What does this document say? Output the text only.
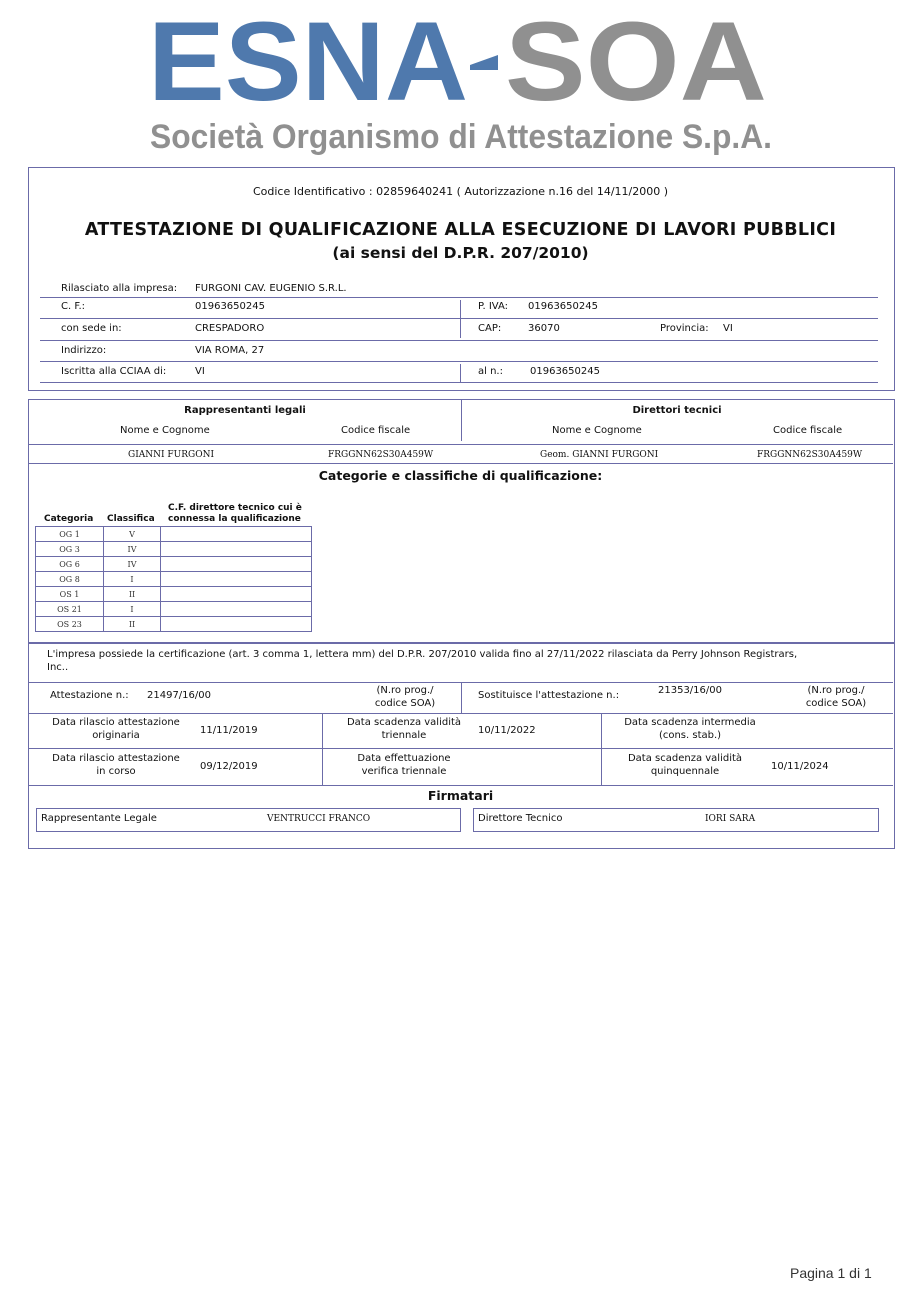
ESNA SOA
Società Organismo di Attestazione S.p.A.
Codice Identificativo : 02859640241 ( Autorizzazione n.16 del 14/11/2000 )
ATTESTAZIONE DI QUALIFICAZIONE ALLA ESECUZIONE DI LAVORI PUBBLICI
(ai sensi del D.P.R. 207/2010)
Rilasciato alla impresa: FURGONI CAV. EUGENIO S.R.L.
C. F.:	01963650245	P. IVA: 01963650245
con sede in:	CRESPADORO	CAP:	36070	Provincia: VI
Indirizzo:	VIA ROMA, 27
Iscritta alla CCIAA di:	VI	al n.:	01963650245
Rappresentanti legali
Nome e Cognome	Codice fiscale
Direttori tecnici
Nome e Cognome	Codice fiscale
GIANNI FURGONI	FRGGNN62S30A459W	Geom. GIANNI FURGONI	FRGGNN62S30A459W
Categorie e classifiche di qualificazione:
Categoria Classifica
C.F. direttore tecnico cui è
connessa la qualificazione
OG 1	V	
OG 3	IV	
OG 6	IV	
OG 8	I	
OS 1	II	
OS 21	I	
OS 23	II	
L'impresa possiede la certificazione (art. 3 comma 1, lettera mm) del D.P.R. 207/2010 valida fino al 27/11/2022 rilasciata da Perry Johnson Registrars,
Inc..
Attestazione n.: 21497/16/00	(N.ro prog./
codice SOA)
Sostituisce l'attestazione n.:	21353/16/00	(N.ro prog./
codice SOA)
Data rilascio attestazione
originaria	11/11/2019
Data scadenza validità
triennale	10/11/2022
Data scadenza intermedia
(cons. stab.)
Data rilascio attestazione
in corso	09/12/2019
Data effettuazione
verifica triennale
Data scadenza validità
quinquennale	10/11/2024
Firmatari
Rappresentante Legale	VENTRUCCI FRANCO	Direttore Tecnico	IORI SARA
Pagina 1 di 1
